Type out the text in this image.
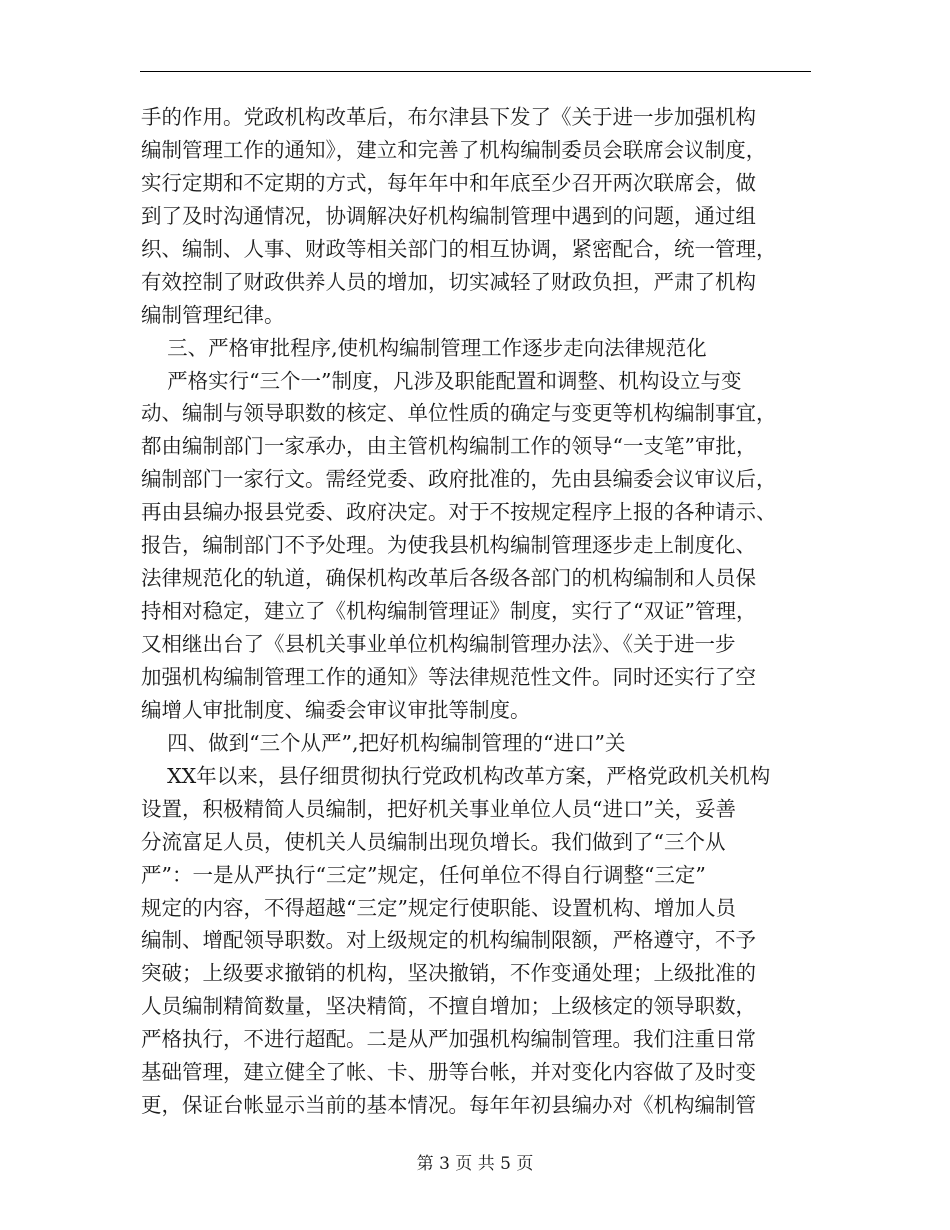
手的作用。党政机构改革后，布尔津县下发了《关于进一步加强机构
编制管理工作的通知》，建立和完善了机构编制委员会联席会议制度，
实行定期和不定期的方式，每年年中和年底至少召开两次联席会，做
到了及时沟通情况，协调解决好机构编制管理中遇到的问题，通过组
织、编制、人事、财政等相关部门的相互协调，紧密配合，统一管理，
有效控制了财政供养人员的增加，切实减轻了财政负担，严肃了机构
编制管理纪律。
三、严格审批程序,使机构编制管理工作逐步走向法律规范化
严格实行“三个一”制度，凡涉及职能配置和调整、机构设立与变
动、编制与领导职数的核定、单位性质的确定与变更等机构编制事宜，
都由编制部门一家承办，由主管机构编制工作的领导“一支笔”审批，
编制部门一家行文。需经党委、政府批准的，先由县编委会议审议后，
再由县编办报县党委、政府决定。对于不按规定程序上报的各种请示、
报告，编制部门不予处理。为使我县机构编制管理逐步走上制度化、
法律规范化的轨道，确保机构改革后各级各部门的机构编制和人员保
持相对稳定，建立了《机构编制管理证》制度，实行了“双证”管理，
又相继出台了《县机关事业单位机构编制管理办法》、《关于进一步
加强机构编制管理工作的通知》等法律规范性文件。同时还实行了空
编增人审批制度、编委会审议审批等制度。
四、做到“三个从严”,把好机构编制管理的“进口”关
XX年以来，县仔细贯彻执行党政机构改革方案，严格党政机关机构
设置，积极精简人员编制，把好机关事业单位人员“进口”关，妥善
分流富足人员，使机关人员编制出现负增长。我们做到了“三个从
严”：一是从严执行“三定”规定，任何单位不得自行调整“三定”
规定的内容，不得超越“三定”规定行使职能、设置机构、增加人员
编制、增配领导职数。对上级规定的机构编制限额，严格遵守，不予
突破；上级要求撤销的机构，坚决撤销，不作变通处理；上级批准的
人员编制精简数量，坚决精简，不擅自增加；上级核定的领导职数，
严格执行，不进行超配。二是从严加强机构编制管理。我们注重日常
基础管理，建立健全了帐、卡、册等台帐，并对变化内容做了及时变
更，保证台帐显示当前的基本情况。每年年初县编办对《机构编制管
第 3 页 共 5 页
